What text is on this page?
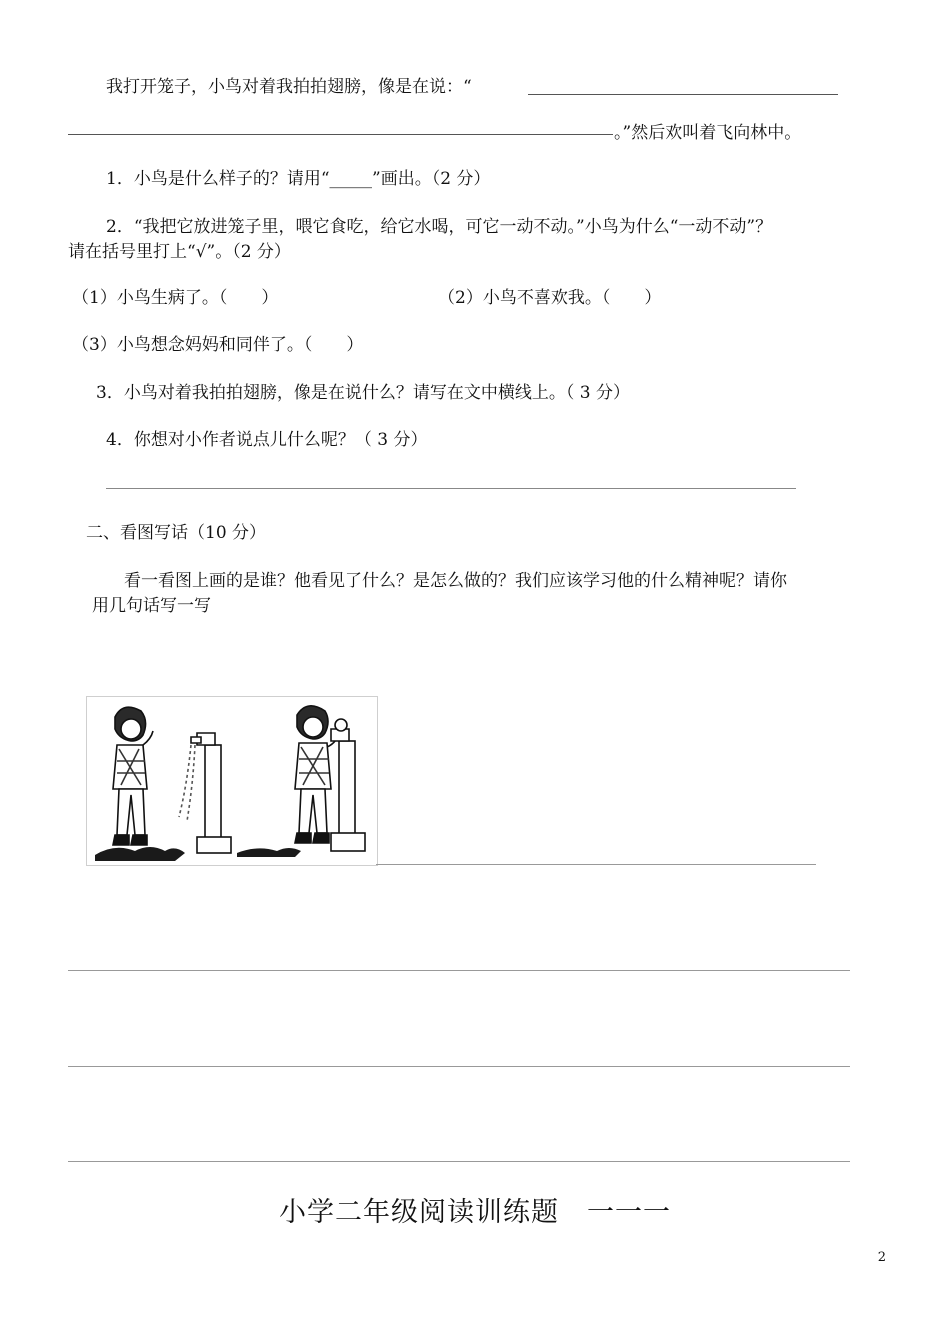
我打开笼子，小鸟对着我拍拍翅膀，像是在说：“
。”然后欢叫着飞向林中。
1．小鸟是什么样子的？请用“_____”画出。（2 分）
2．“我把它放进笼子里，喂它食吃，给它水喝，可它一动不动。”小鸟为什么“一动不动”？
请在括号里打上“√”。（2 分）
（1）小鸟生病了。（　　）	（2）小鸟不喜欢我。（　　）
（3）小鸟想念妈妈和同伴了。（　　）
3．小鸟对着我拍拍翅膀，像是在说什么？请写在文中横线上。（ 3 分）
4．你想对小作者说点儿什么呢？（ 3 分）
二、看图写话（10 分）
看一看图上画的是谁？他看见了什么？是怎么做的？我们应该学习他的什么精神呢？请你
用几句话写一写
小学二年级阅读训练题　一一一
2
